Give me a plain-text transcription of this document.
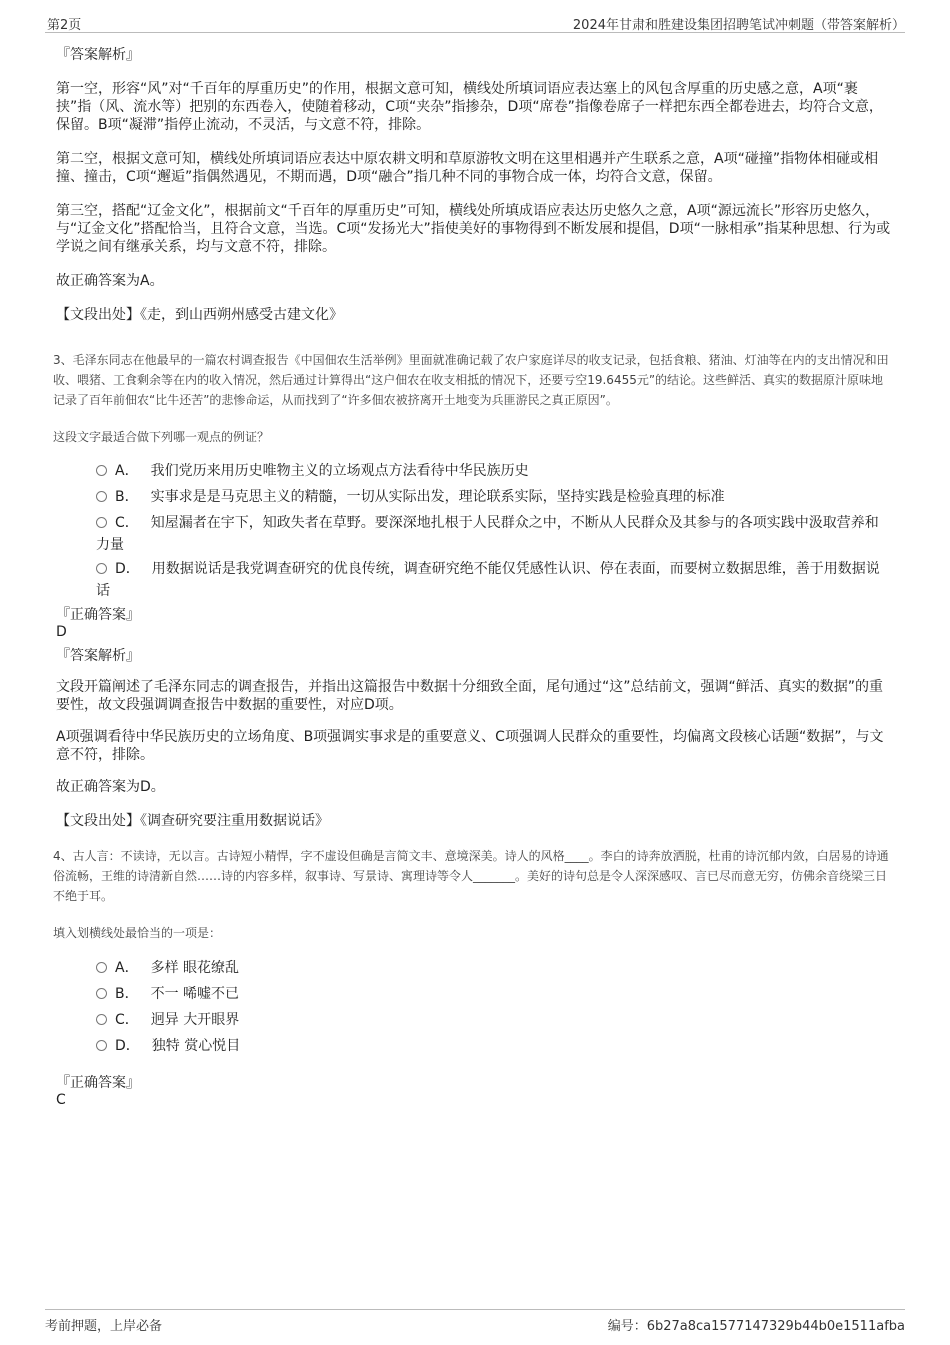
第2页	2024年甘肃和胜建设集团招聘笔试冲刺题（带答案解析）
『答案解析』
第一空，形容“风”对“千百年的厚重历史”的作用，根据文意可知，横线处所填词语应表达塞上的风包含厚重的历史感之意，A项“裹挟”指（风、流水等）把别的东西卷入，使随着移动，C项“夹杂”指掺杂，D项“席卷”指像卷席子一样把东西全都卷进去，均符合文意，保留。B项“凝滞”指停止流动，不灵活，与文意不符，排除。
第二空，根据文意可知，横线处所填词语应表达中原农耕文明和草原游牧文明在这里相遇并产生联系之意，A项“碰撞”指物体相碰或相撞、撞击，C项“邂逅”指偶然遇见，不期而遇，D项“融合”指几种不同的事物合成一体，均符合文意，保留。
第三空，搭配“辽金文化”，根据前文“千百年的厚重历史”可知，横线处所填成语应表达历史悠久之意，A项“源远流长”形容历史悠久，与“辽金文化”搭配恰当，且符合文意，当选。C项“发扬光大”指使美好的事物得到不断发展和提倡，D项“一脉相承”指某种思想、行为或学说之间有继承关系，均与文意不符，排除。
故正确答案为A。
【文段出处】《走，到山西朔州感受古建文化》
3、毛泽东同志在他最早的一篇农村调查报告《中国佃农生活举例》里面就准确记载了农户家庭详尽的收支记录，包括食粮、猪油、灯油等在内的支出情况和田收、喂猪、工食剩余等在内的收入情况，然后通过计算得出“这户佃农在收支相抵的情况下，还要亏空19.6455元”的结论。这些鲜活、真实的数据原汁原味地记录了百年前佃农“比牛还苦”的悲惨命运，从而找到了“许多佃农被挤离开土地变为兵匪游民之真正原因”。
这段文字最适合做下列哪一观点的例证？
A． 我们党历来用历史唯物主义的立场观点方法看待中华民族历史
B． 实事求是是马克思主义的精髓，一切从实际出发，理论联系实际，坚持实践是检验真理的标准
C． 知屋漏者在宇下，知政失者在草野。要深深地扎根于人民群众之中，不断从人民群众及其参与的各项实践中汲取营养和力量
D． 用数据说话是我党调查研究的优良传统，调查研究绝不能仅凭感性认识、停在表面，而要树立数据思维，善于用数据说话
『正确答案』
D
『答案解析』
文段开篇阐述了毛泽东同志的调查报告，并指出这篇报告中数据十分细致全面，尾句通过“这”总结前文，强调“鲜活、真实的数据”的重要性，故文段强调调查报告中数据的重要性，对应D项。
A项强调看待中华民族历史的立场角度、B项强调实事求是的重要意义、C项强调人民群众的重要性，均偏离文段核心话题“数据”，与文意不符，排除。
故正确答案为D。
【文段出处】《调查研究要注重用数据说话》
4、古人言：不读诗，无以言。古诗短小精悍，字不虚设但确是言简文丰、意境深美。诗人的风格____。李白的诗奔放洒脱，杜甫的诗沉郁内敛，白居易的诗通俗流畅，王维的诗清新自然……诗的内容多样，叙事诗、写景诗、寓理诗等令人_______。美好的诗句总是令人深深感叹、言已尽而意无穷，仿佛余音绕梁三日不绝于耳。
填入划横线处最恰当的一项是：
A． 多样 眼花缭乱
B． 不一 唏嘘不已
C． 迥异 大开眼界
D． 独特 赏心悦目
『正确答案』
C
考前押题，上岸必备	编号：6b27a8ca1577147329b44b0e1511afba
